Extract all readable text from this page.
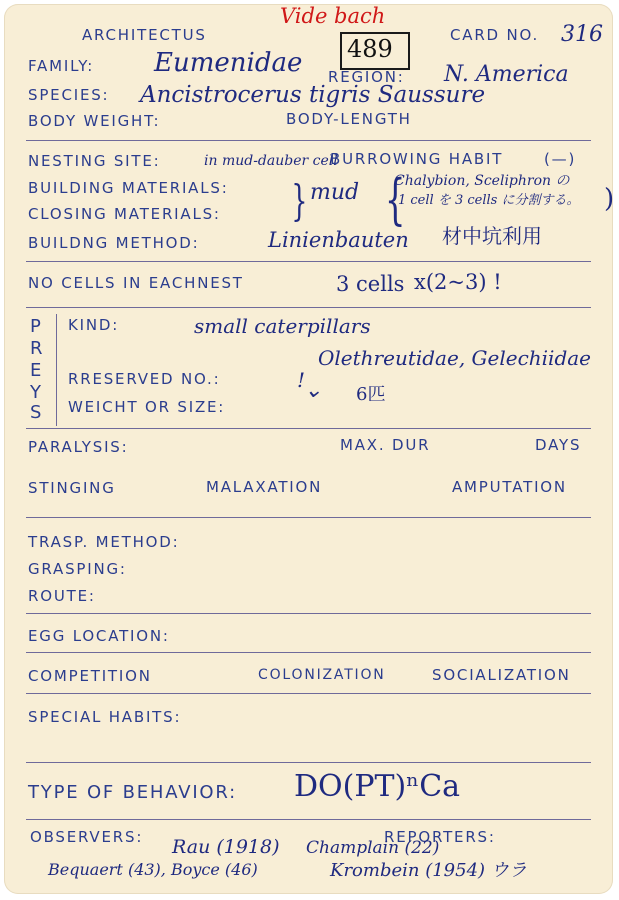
ARCHITECTUS
Vide bach
489	CARD NO. 316
FAMILY: Eumenidae REGION: N. America
SPECIES: Ancistrocerus tigris Saussure
BODY WEIGHT:	BODY-LENGTH
NESTING SITE:	in mud-dauber cell
BURROWING HABIT	(—)
BUILDING MATERIALS:
CLOSING MATERIALS: } mud {
Chalybion, Sceliphron の
1 cell を 3 cells に分割する。 )
BUILDNG METHOD:	Linienbauten 材中坑利用
NO CELLS IN EACHNEST	3 cells x(2~3) !
P
R
E
Y
S
KIND:	small caterpillars
Olethreutidae, Gelechiidae
RRESERVED NO.:	!
⌄ 6匹
WEICHT OR SIZE:
PARALYSIS:	MAX. DUR	DAYS
STINGING	MALAXATION	AMPUTATION
TRASP. METHOD:
GRASPING:
ROUTE:
EGG LOCATION:
COMPETITION	COLONIZATION	SOCIALIZATION
SPECIAL HABITS:
TYPE OF BEHAVIOR: DO(PT)ⁿCa
OBSERVERS:	REPORTERS:
Rau (1918) Champlain (22)
Bequaert (43), Boyce (46)	Krombein (1954) ウラ
